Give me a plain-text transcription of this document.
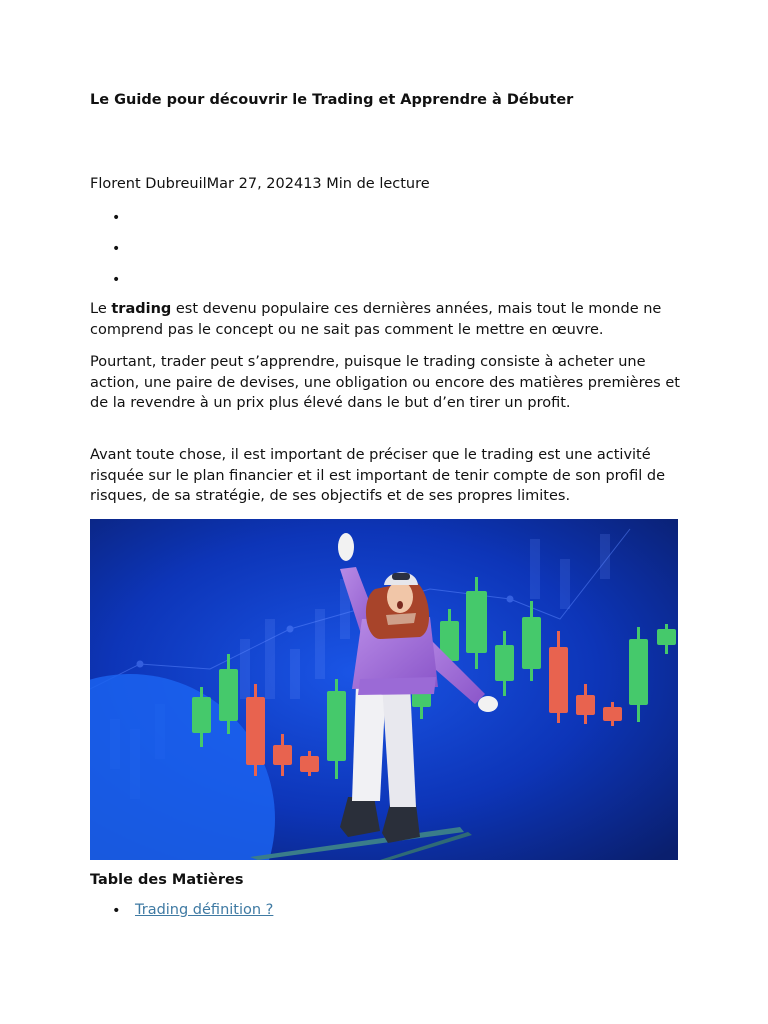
Le Guide pour découvrir le Trading et Apprendre à Débuter
Florent DubreuilMar 27, 202413 Min de lecture
•
•
•

Le trading est devenu populaire ces dernières années, mais tout le monde ne comprend pas le concept ou ne sait pas comment le mettre en œuvre.

Pourtant, trader peut s’apprendre, puisque le trading consiste à acheter une action, une paire de devises, une obligation ou encore des matières premières et de la revendre à un prix plus élevé dans le but d’en tirer un profit.

Avant toute chose, il est important de préciser que le trading est une activité risquée sur le plan financier et il est important de tenir compte de son profil de risques, de sa stratégie, de ses objectifs et de ses propres limites.

Table des Matières
• Trading définition ?
